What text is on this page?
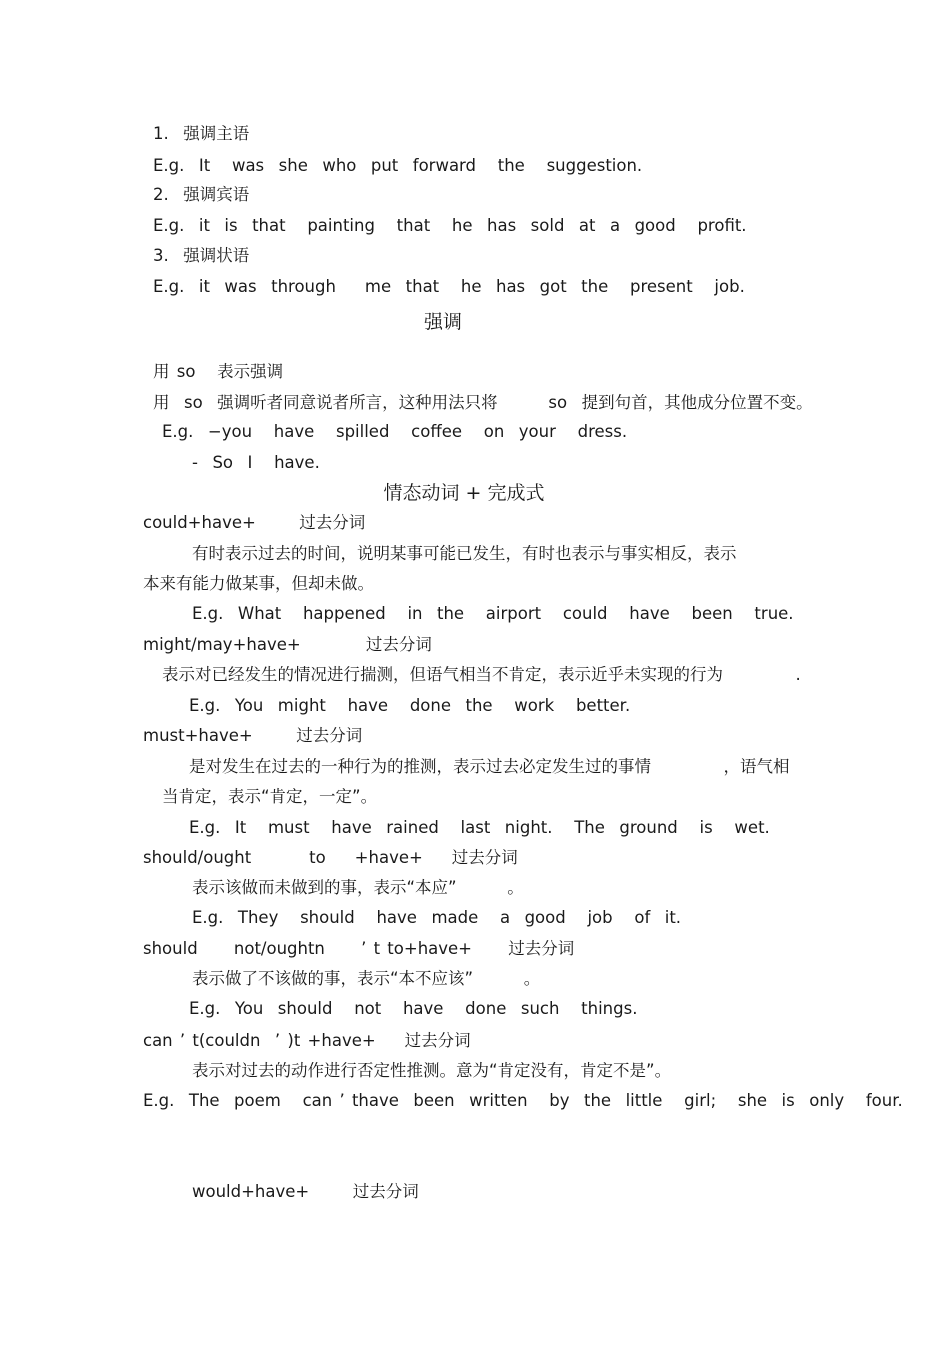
1.  强调主语
E.g.  It   was  she  who  put  forward   the   suggestion.
2.  强调宾语
E.g.  it  is  that   painting   that   he  has  sold  at  a  good   profit.
3.  强调状语
E.g.  it  was  through    me  that   he  has  got  the   present   job.
强调
用 so   表示强调
用  so  强调听者同意说者所言，这种用法只将       so  提到句首，其他成分位置不变。
E.g.  −you   have   spilled   coffee   on  your   dress.
-  So  I   have.
情态动词 + 完成式
could+have+      过去分词
有时表示过去的时间，说明某事可能已发生，有时也表示与事实相反，表示
本来有能力做某事，但却未做。
E.g.  What   happened   in  the   airport   could   have   been   true.
might/may+have+         过去分词
表示对已经发生的情况进行揣测，但语气相当不肯定，表示近乎未实现的行为          .
E.g.  You  might   have   done  the   work   better.
must+have+      过去分词
是对发生在过去的一种行为的推测，表示过去必定发生过的事情          ，语气相
当肯定，表示“肯定，一定”。
E.g.  It   must   have  rained   last  night.   The  ground   is   wet.
should/ought        to    +have+    过去分词
表示该做而未做到的事，表示“本应”       。
E.g.  They   should   have  made   a  good   job   of  it.
should     not/oughtn     ’ t to+have+     过去分词
表示做了不该做的事，表示“本不应该”       。
E.g.  You  should   not   have   done  such   things.
can ’ t(couldn  ’ )t +have+    过去分词
表示对过去的动作进行否定性推测。意为“肯定没有，肯定不是”。
E.g.  The  poem   can ’ thave  been  written   by  the  little   girl;   she  is  only   four.
would+have+      过去分词
